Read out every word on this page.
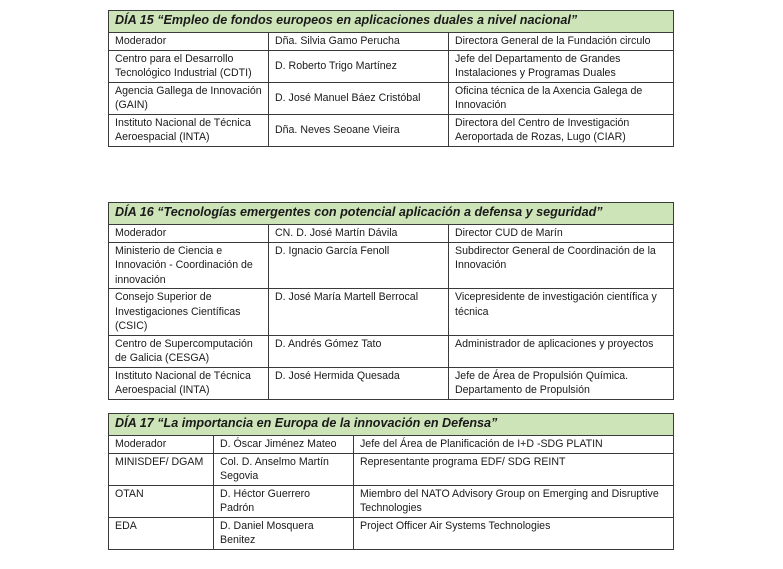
DÍA 15 “Empleo de fondos europeos en aplicaciones duales a nivel nacional”		
Moderador	Dña. Silvia Gamo Perucha	Directora General de la Fundación circulo
Centro para el Desarrollo Tecnológico Industrial (CDTI)	D. Roberto Trigo Martínez	Jefe del Departamento de Grandes Instalaciones y Programas Duales
Agencia Gallega de Innovación (GAIN)	D. José Manuel Báez Cristóbal	Oficina técnica de la Axencia Galega de Innovación
Instituto Nacional de Técnica Aeroespacial (INTA)	Dña. Neves Seoane Vieira	Directora del Centro de Investigación Aeroportada de Rozas, Lugo (CIAR)
DÍA 16 “Tecnologías emergentes con potencial aplicación a defensa y seguridad”		
Moderador	CN. D. José Martín Dávila	Director CUD de Marín
Ministerio de Ciencia e Innovación - Coordinación de innovación	D. Ignacio García Fenoll	Subdirector General de Coordinación de la Innovación
Consejo Superior de Investigaciones Científicas (CSIC)	D. José María Martell Berrocal	Vicepresidente de investigación científica y técnica
Centro de Supercomputación de Galicia (CESGA)	D. Andrés Gómez Tato	Administrador de aplicaciones y proyectos
Instituto Nacional de Técnica Aeroespacial (INTA)	D. José Hermida Quesada	Jefe de Área de Propulsión Química. Departamento de Propulsión
DÍA 17 “La importancia en Europa de la innovación en Defensa”		
Moderador	D. Óscar Jiménez Mateo	Jefe del Área de Planificación de I+D -SDG PLATIN
MINISDEF/ DGAM	Col. D. Anselmo Martín Segovia	Representante programa EDF/ SDG REINT
OTAN	D. Héctor Guerrero Padrón	Miembro del NATO Advisory Group on Emerging and Disruptive Technologies
EDA	D. Daniel Mosquera Benitez	Project Officer Air Systems Technologies
